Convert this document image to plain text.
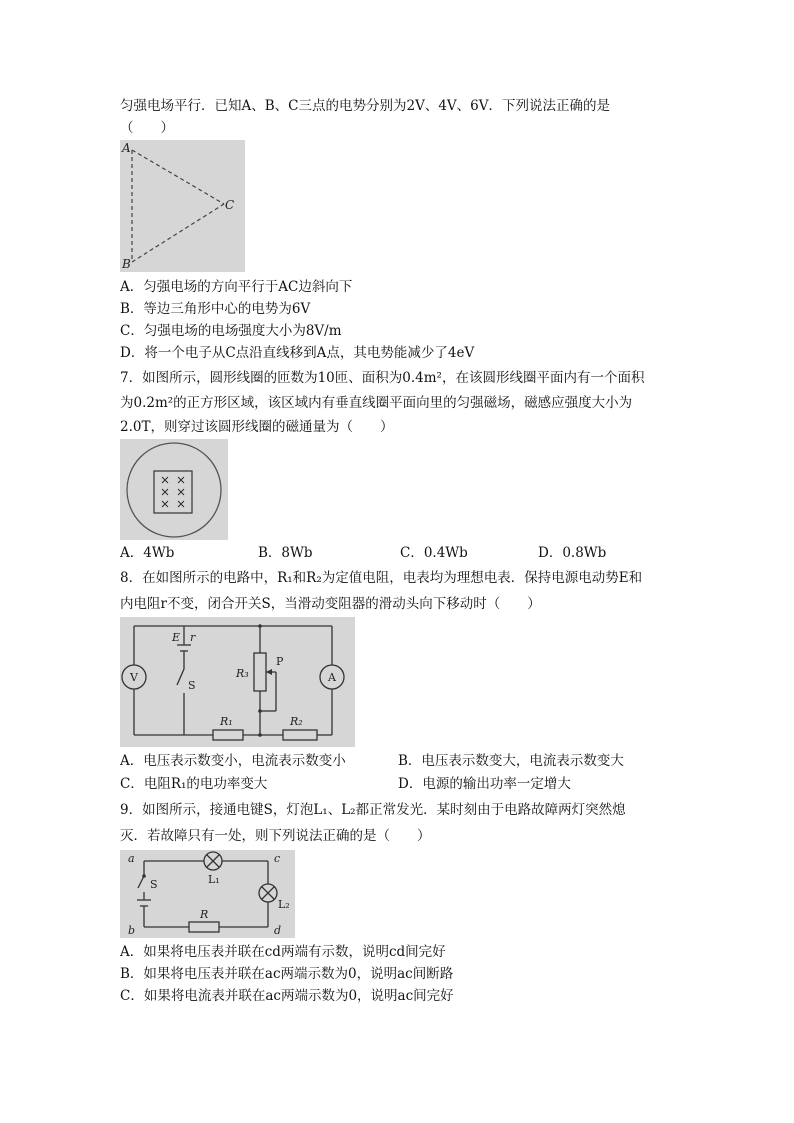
匀强电场平行．已知A、B、C三点的电势分别为2V、4V、6V．下列说法正确的是
（　　）
A
B
C
A．匀强电场的方向平行于AC边斜向下
B．等边三角形中心的电势为6V
C．匀强电场的电场强度大小为8V/m
D．将一个电子从C点沿直线移到A点，其电势能减少了4eV
7．如图所示，圆形线圈的匝数为10匝、面积为0.4m²，在该圆形线圈平面内有一个面积
为0.2m²的正方形区域，该区域内有垂直线圈平面向里的匀强磁场，磁感应强度大小为
2.0T，则穿过该圆形线圈的磁通量为（　　）
A．4Wb	B．8Wb	C．0.4Wb	D．0.8Wb
8．在如图所示的电路中，R₁和R₂为定值电阻，电表均为理想电表．保持电源电动势E和
内电阻r不变，闭合开关S，当滑动变阻器的滑动头向下移动时（　　）
V	A
E r
S
P
R₃
R₁	R₂
A．电压表示数变小，电流表示数变小	B．电压表示数变大，电流表示数变大
C．电阻R₁的电功率变大	D．电源的输出功率一定增大
9．如图所示，接通电键S，灯泡L₁、L₂都正常发光．某时刻由于电路故障两灯突然熄
灭．若故障只有一处，则下列说法正确的是（　　）
a
b
c
d
S	L₁
L₂
R
A．如果将电压表并联在cd两端有示数，说明cd间完好
B．如果将电压表并联在ac两端示数为0，说明ac间断路
C．如果将电流表并联在ac两端示数为0，说明ac间完好
